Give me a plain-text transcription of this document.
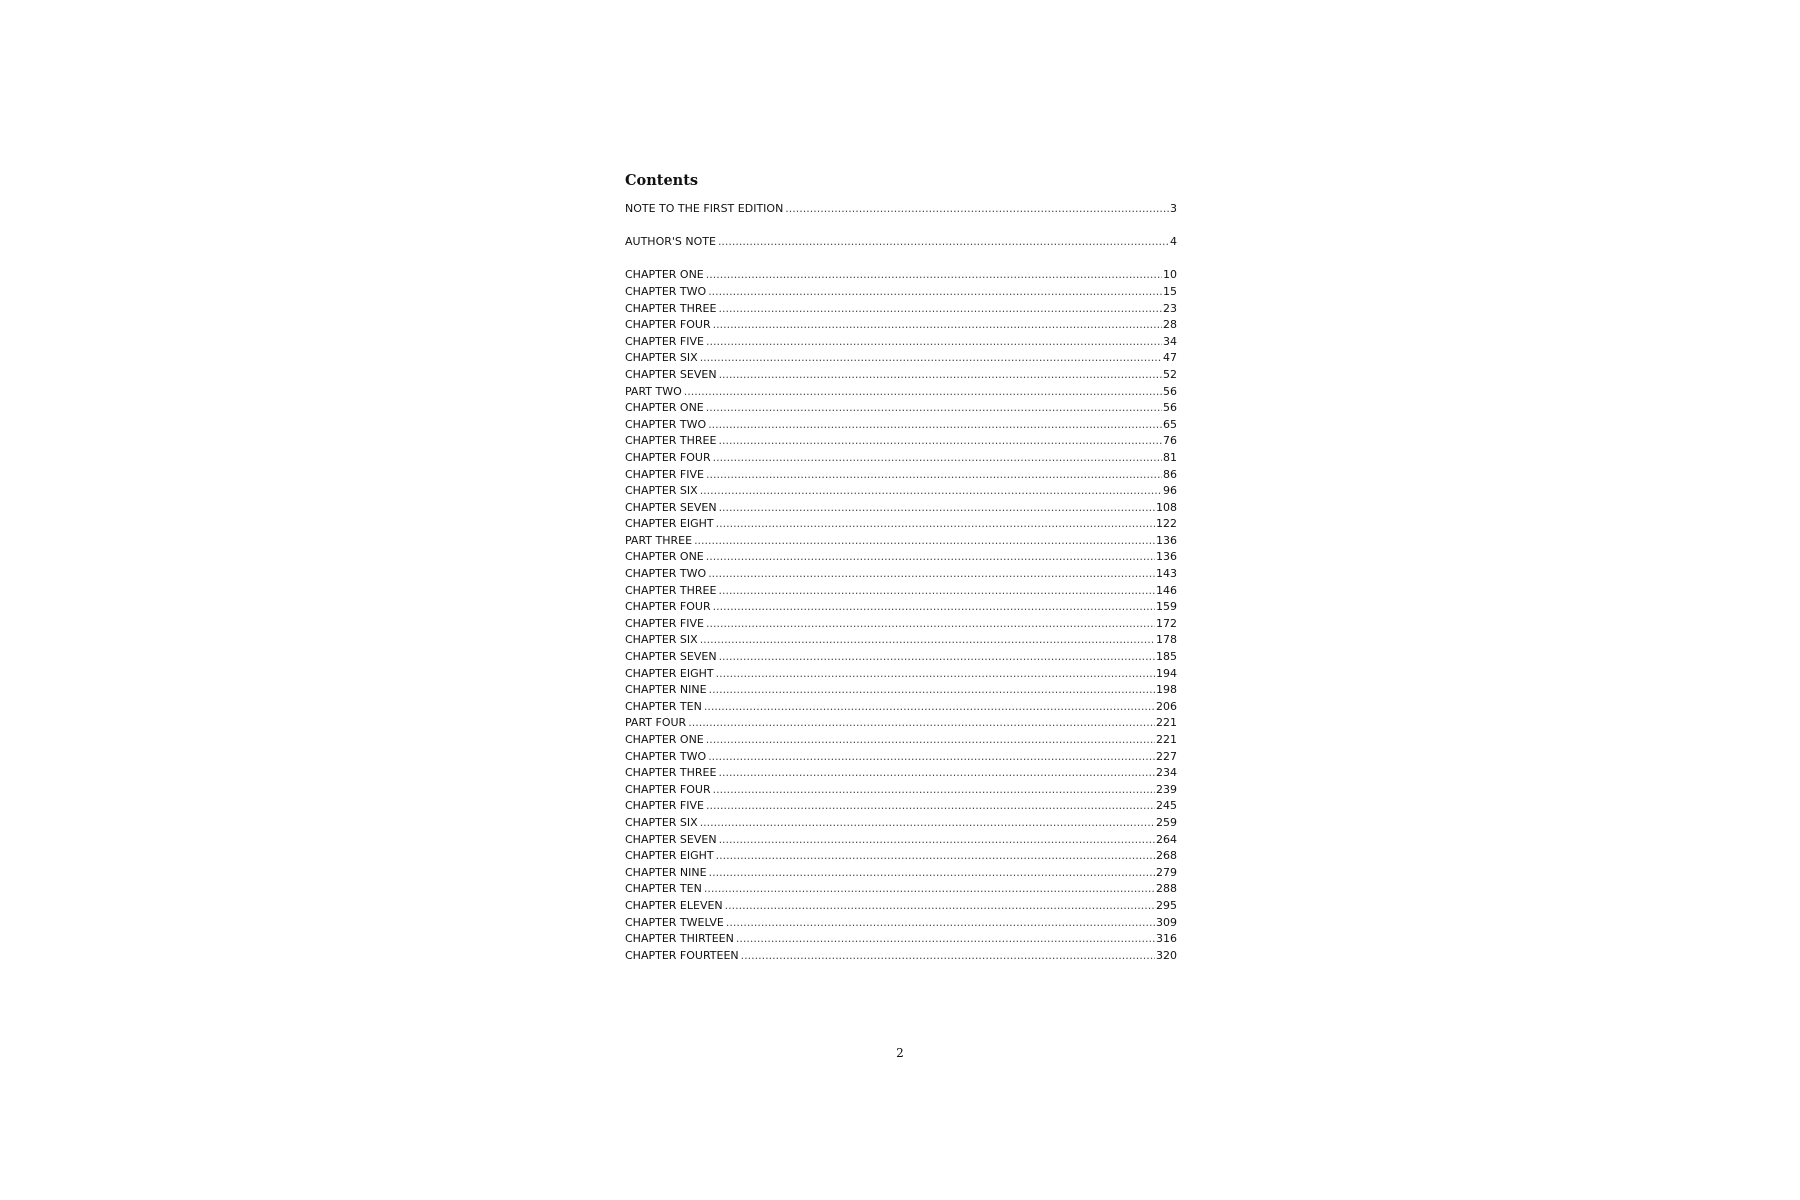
Contents
NOTE TO THE FIRST EDITION .....	3
AUTHOR'S NOTE .....	4
CHAPTER ONE .....	10
CHAPTER TWO .....	15
CHAPTER THREE .....	23
CHAPTER FOUR .....	28
CHAPTER FIVE .....	34
CHAPTER SIX .....	47
CHAPTER SEVEN .....	52
PART TWO .....	56
CHAPTER ONE .....	56
CHAPTER TWO .....	65
CHAPTER THREE .....	76
CHAPTER FOUR .....	81
CHAPTER FIVE .....	86
CHAPTER SIX .....	96
CHAPTER SEVEN .....	108
CHAPTER EIGHT .....	122
PART THREE .....	136
CHAPTER ONE .....	136
CHAPTER TWO .....	143
CHAPTER THREE .....	146
CHAPTER FOUR .....	159
CHAPTER FIVE .....	172
CHAPTER SIX .....	178
CHAPTER SEVEN .....	185
CHAPTER EIGHT .....	194
CHAPTER NINE .....	198
CHAPTER TEN .....	206
PART FOUR .....	221
CHAPTER ONE .....	221
CHAPTER TWO .....	227
CHAPTER THREE .....	234
CHAPTER FOUR .....	239
CHAPTER FIVE .....	245
CHAPTER SIX .....	259
CHAPTER SEVEN .....	264
CHAPTER EIGHT .....	268
CHAPTER NINE .....	279
CHAPTER TEN .....	288
CHAPTER ELEVEN .....	295
CHAPTER TWELVE .....	309
CHAPTER THIRTEEN .....	316
CHAPTER FOURTEEN .....	320
2
